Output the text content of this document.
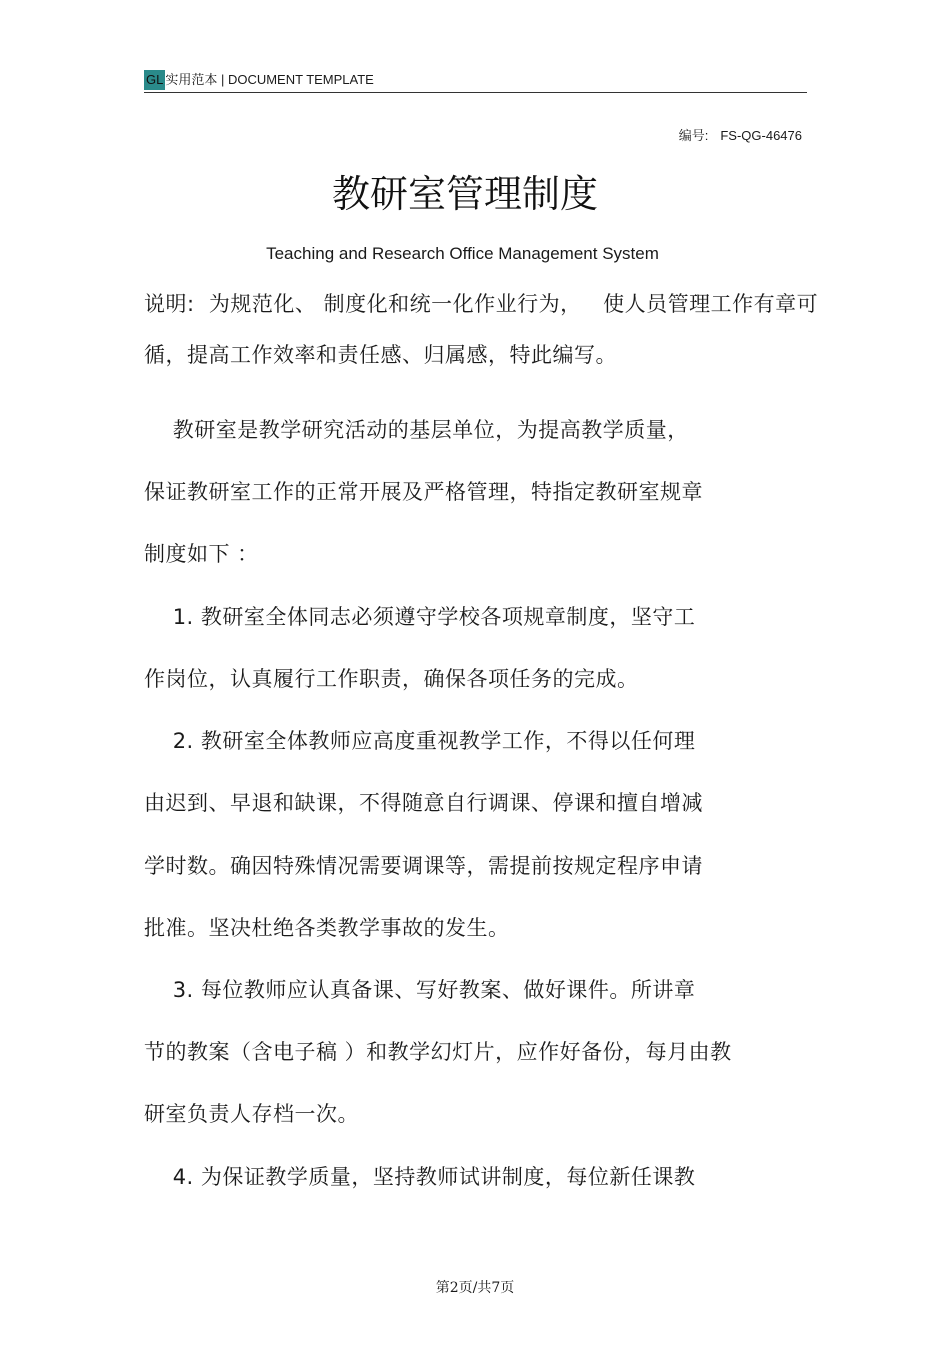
GL 实用范本 | DOCUMENT TEMPLATE
编号: FS-QG-46476
教研室管理制度
Teaching and Research Office Management System
说明:  为规范化、 制度化和统一化作业行为，   使人员管理工作有章可
循，提高工作效率和责任感、归属感，特此编写。
教研室是教学研究活动的基层单位，为提高教学质量，
保证教研室工作的正常开展及严格管理，特指定教研室规章
制度如下 ：
1. 教研室全体同志必须遵守学校各项规章制度，坚守工
作岗位，认真履行工作职责，确保各项任务的完成。
2. 教研室全体教师应高度重视教学工作，不得以任何理
由迟到、早退和缺课，不得随意自行调课、停课和擅自增减
学时数。确因特殊情况需要调课等，需提前按规定程序申请
批准。坚决杜绝各类教学事故的发生。
3. 每位教师应认真备课、写好教案、做好课件。所讲章
节的教案（含电子稿 ）和教学幻灯片，应作好备份，每月由教
研室负责人存档一次。
4. 为保证教学质量，坚持教师试讲制度，每位新任课教
第2页/共7页
